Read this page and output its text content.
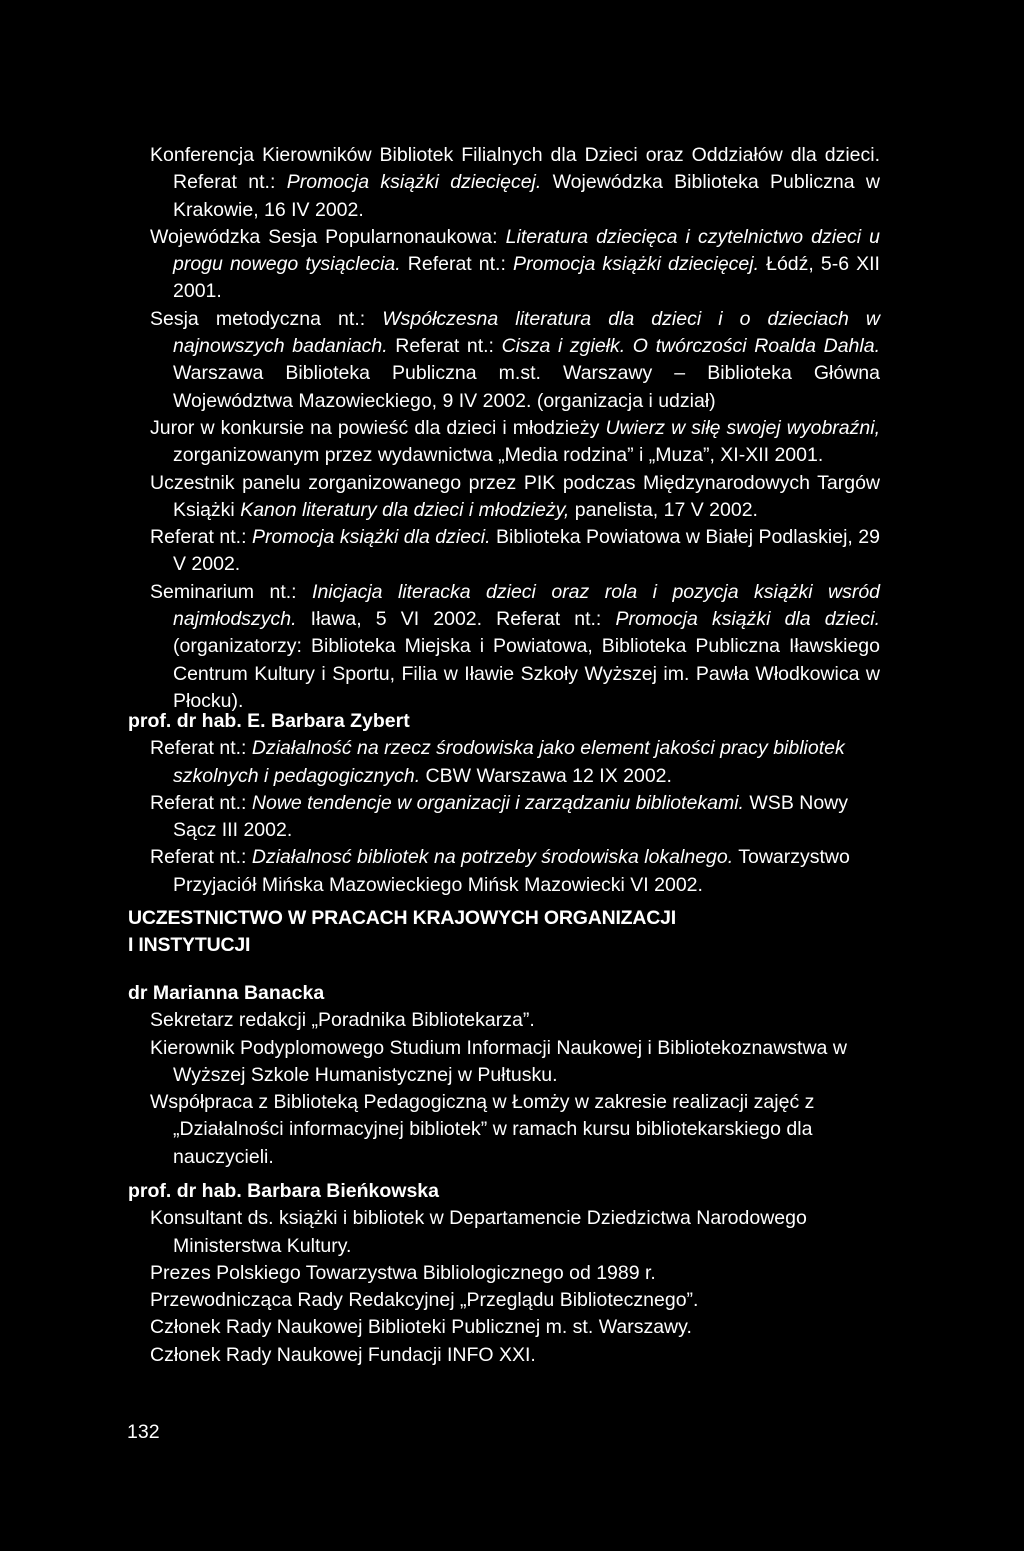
Konferencja Kierowników Bibliotek Filialnych dla Dzieci oraz Oddziałów dla dzieci. Referat nt.: Promocja książki dziecięcej. Wojewódzka Biblioteka Publiczna w Krakowie, 16 IV 2002.

Wojewódzka Sesja Popularnonaukowa: Literatura dziecięca i czytelnictwo dzieci u progu nowego tysiąclecia. Referat nt.: Promocja książki dziecięcej. Łódź, 5-6 XII 2001.

Sesja metodyczna nt.: Współczesna literatura dla dzieci i o dzieciach w najnowszych badaniach. Referat nt.: Cisza i zgiełk. O twórczości Roalda Dahla. Warszawa Biblioteka Publiczna m.st. Warszawy – Biblioteka Główna Województwa Mazowieckiego, 9 IV 2002. (organizacja i udział)

Juror w konkursie na powieść dla dzieci i młodzieży Uwierz w siłę swojej wyobraźni, zorganizowanym przez wydawnictwa „Media rodzina” i „Muza”, XI-XII 2001.

Uczestnik panelu zorganizowanego przez PIK podczas Międzynarodowych Targów Książki Kanon literatury dla dzieci i młodzieży, panelista, 17 V 2002.

Referat nt.: Promocja książki dla dzieci. Biblioteka Powiatowa w Białej Podlaskiej, 29 V 2002.

Seminarium nt.: Inicjacja literacka dzieci oraz rola i pozycja książki wsród najmłodszych. Iława, 5 VI 2002. Referat nt.: Promocja książki dla dzieci. (organizatorzy: Biblioteka Miejska i Powiatowa, Biblioteka Publiczna Iławskiego Centrum Kultury i Sportu, Filia w Iławie Szkoły Wyższej im. Pawła Włodkowica w Płocku).

prof. dr hab. E. Barbara Zybert

Referat nt.: Działalność na rzecz środowiska jako element jakości pracy bibliotek szkolnych i pedagogicznych. CBW Warszawa 12 IX 2002.

Referat nt.: Nowe tendencje w organizacji i zarządzaniu bibliotekami. WSB Nowy Sącz III 2002.

Referat nt.: Działalnosć bibliotek na potrzeby środowiska lokalnego. Towarzystwo Przyjaciół Mińska Mazowieckiego Mińsk Mazowiecki VI 2002.

UCZESTNICTWO W PRACACH KRAJOWYCH ORGANIZACJI
I INSTYTUCJI

dr Marianna Banacka

Sekretarz redakcji „Poradnika Bibliotekarza”.

Kierownik Podyplomowego Studium Informacji Naukowej i Bibliotekoznawstwa w Wyższej Szkole Humanistycznej w Pułtusku.

Współpraca z Biblioteką Pedagogiczną w Łomży w zakresie realizacji zajęć z „Działalności informacyjnej bibliotek” w ramach kursu bibliotekarskiego dla nauczycieli.

prof. dr hab. Barbara Bieńkowska

Konsultant ds. książki i bibliotek w Departamencie Dziedzictwa Narodowego Ministerstwa Kultury.

Prezes Polskiego Towarzystwa Bibliologicznego od 1989 r.

Przewodnicząca Rady Redakcyjnej „Przeglądu Bibliotecznego”.

Członek Rady Naukowej Biblioteki Publicznej m. st. Warszawy.

Członek Rady Naukowej Fundacji INFO XXI.

132
